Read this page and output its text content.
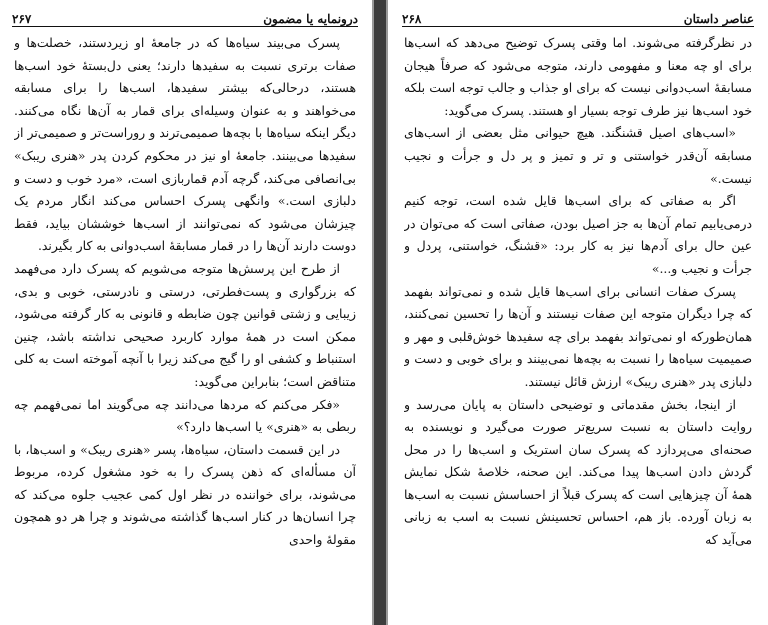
۲۶۷	درونمایه یا مضمون

پسرک می‌بیند سیاه‌ها که در جامعهٔ او زیردستند، خصلت‌ها و صفات برتری نسبت به سفیدها دارند؛ یعنی دل‌بستهٔ خود اسب‌ها هستند، درحالی‌که بیشتر سفیدها، اسب‌ها را برای مسابقه می‌خواهند و به عنوان وسیله‌ای برای قمار به آن‌ها نگاه می‌کنند. دیگر اینکه سیاه‌ها با بچه‌ها صمیمی‌ترند و روراست‌تر و صمیمی‌تر از سفیدها می‌بینند. جامعهٔ او نیز در محکوم کردن پدر «هنری ریبک» بی‌انصافی می‌کند، گرچه آدم قماربازی است، «مرد خوب و دست و دلبازی است.» وانگهی پسرک احساس می‌کند انگار مردم یک چیزشان می‌شود که نمی‌توانند از اسب‌ها خوششان بیاید، فقط دوست دارند آن‌ها را در قمار مسابقهٔ اسب‌دوانی به کار بگیرند.

از طرح این پرسش‌ها متوجه می‌شویم که پسرک دارد می‌فهمد که بزرگواری و پست‌فطرتی، درستی و نادرستی، خوبی و بدی، زیبایی و زشتی قوانین چون ضابطه و قانونی به کار گرفته می‌شود، ممکن است در همهٔ موارد کاربرد صحیحی نداشته باشد، چنین استنباط و کشفی او را گیج می‌کند زیرا با آنچه آموخته است به کلی متناقض است؛ بنابراین می‌گوید:

«فکر می‌کنم که مردها می‌دانند چه می‌گویند اما نمی‌فهمم چه ربطی به «هنری» یا اسب‌ها دارد؟»

در این قسمت داستان، سیاه‌ها، پسر «هنری ریبک» و اسب‌ها، با آن مسأله‌ای که ذهن پسرک را به خود مشغول کرده، مربوط می‌شوند، برای خواننده در نظر اول کمی عجیب جلوه می‌کند که چرا انسان‌ها در کنار اسب‌ها گذاشته می‌شوند و چرا هر دو همچون مقولهٔ واحدی

۲۶۸	عناصر داستان

در نظرگرفته می‌شوند. اما وقتی پسرک توضیح می‌دهد که اسب‌ها برای او چه معنا و مفهومی دارند، متوجه می‌شود که صرفاً هیجان مسابقهٔ اسب‌دوانی نیست که برای او جذاب و جالب توجه است بلکه خود اسب‌ها نیز طرف توجه بسیار او هستند. پسرک می‌گوید:

«اسب‌های اصیل قشنگند. هیچ حیوانی مثل بعضی از اسب‌های مسابقه آن‌قدر خواستنی و تر و تمیز و پر دل و جرأت و نجیب نیست.»

اگر به صفاتی که برای اسب‌ها قایل شده است، توجه کنیم درمی‌یابیم تمام آن‌ها به جز اصیل بودن، صفاتی است که می‌توان در عین حال برای آدم‌ها نیز به کار برد: «قشنگ، خواستنی، پردل و جرأت و نجیب و...»

پسرک صفات انسانی برای اسب‌ها قایل شده و نمی‌تواند بفهمد که چرا دیگران متوجه این صفات نیستند و آن‌ها را تحسین نمی‌کنند، همان‌طورکه او نمی‌تواند بفهمد برای چه سفیدها خوش‌قلبی و مهر و صمیمیت سیاه‌ها را نسبت به بچه‌ها نمی‌بینند و برای خوبی و دست و دلبازی پدر «هنری ریبک» ارزش قائل نیستند.

از اینجا، بخش مقدماتی و توضیحی داستان به پایان می‌رسد و روایت داستان به نسبت سریع‌تر صورت می‌گیرد و نویسنده به صحنه‌ای می‌پردازد که پسرک سان استریک و اسب‌ها را در محل گردش دادن اسب‌ها پیدا می‌کند. این صحنه، خلاصهٔ شکل نمایش همهٔ آن چیزهایی است که پسرک قبلاً از احساسش نسبت به اسب‌ها به زبان آورده. باز هم، احساس تحسینش نسبت به اسب به زبانی می‌آید که
